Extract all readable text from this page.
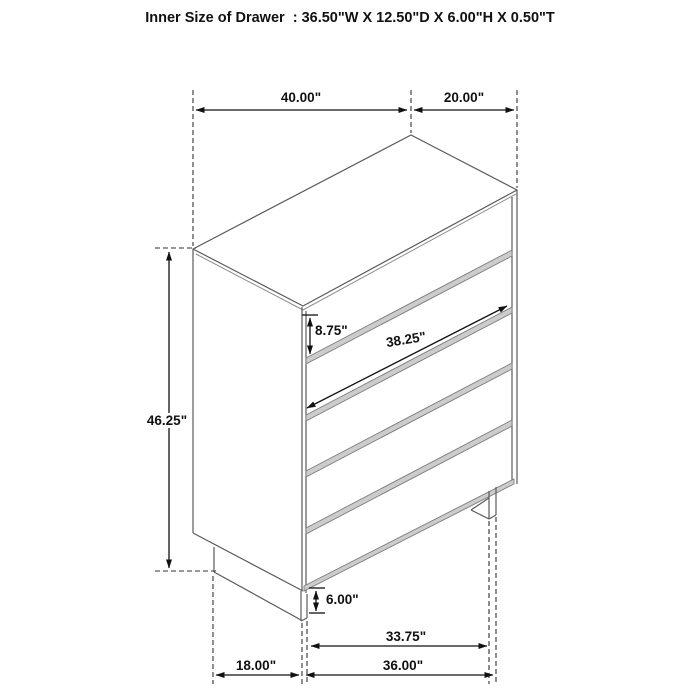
Inner Size of Drawer  : 36.50"W X 12.50"D X 6.00"H X 0.50"T
40.00"	20.00"
46.25"
8.75"	38.25"
6.00"
33.75"
18.00"	36.00"
